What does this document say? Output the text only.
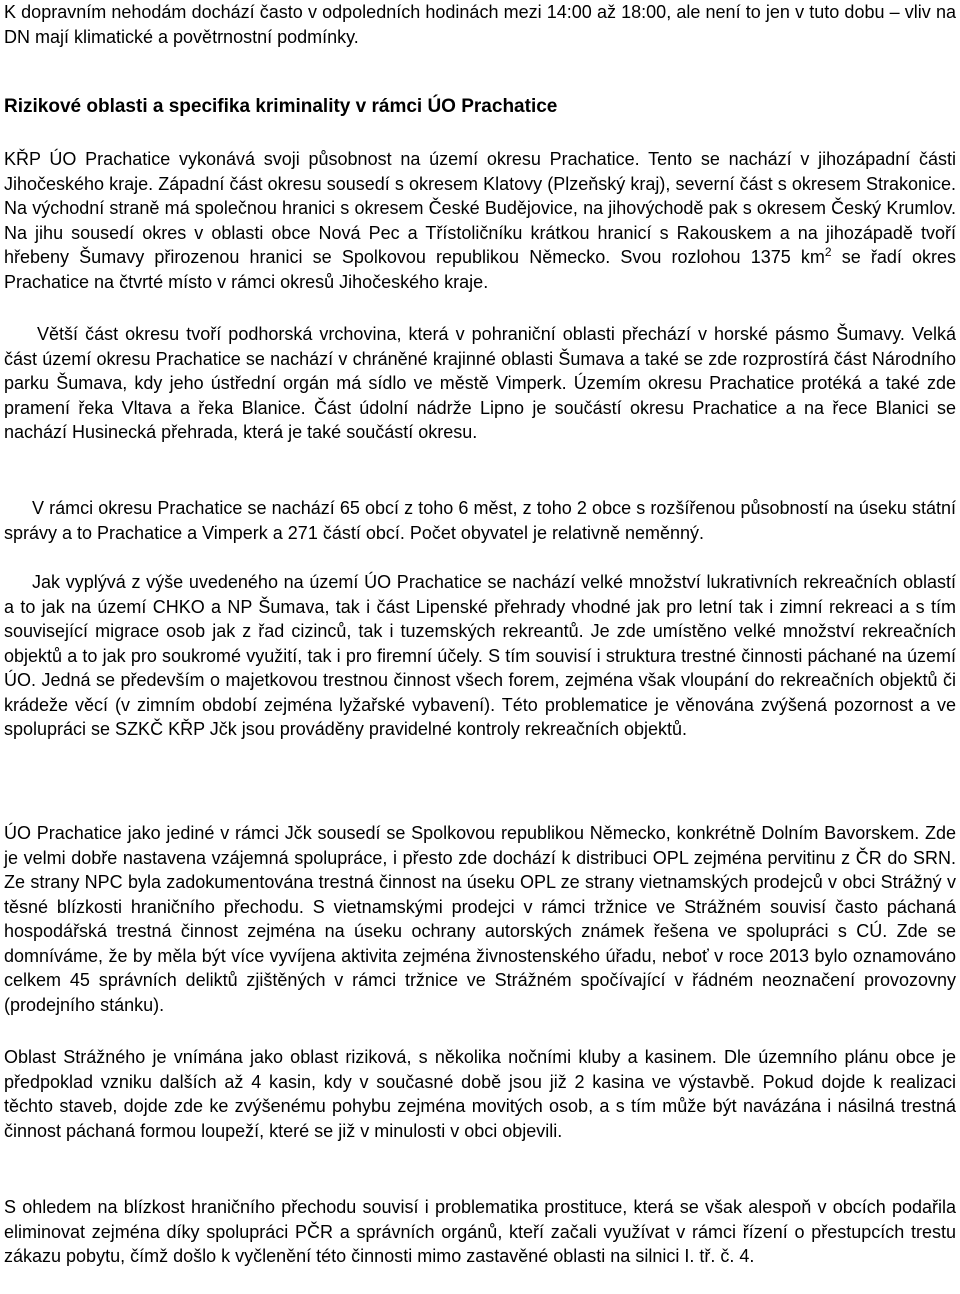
K dopravním nehodám dochází často v odpoledních hodinách mezi 14:00 až 18:00, ale není to jen v tuto dobu – vliv na DN mají klimatické a povětrnostní podmínky.

Rizikové oblasti a specifika kriminality v rámci ÚO Prachatice

KŘP ÚO Prachatice vykonává svoji působnost na území okresu Prachatice. Tento se nachází v jihozápadní části Jihočeského kraje. Západní část okresu sousedí s okresem Klatovy (Plzeňský kraj), severní část s okresem Strakonice. Na východní straně má společnou hranici s okresem České Budějovice, na jihovýchodě pak s okresem Český Krumlov. Na jihu sousedí okres v oblasti obce Nová Pec a Třístoličníku krátkou hranicí s Rakouskem a na jihozápadě tvoří hřebeny Šumavy přirozenou hranici se Spolkovou republikou Německo. Svou rozlohou 1375 $km^2$ se řadí okres Prachatice na čtvrté místo v rámci okresů Jihočeského kraje.

Větší část okresu tvoří podhorská vrchovina, která v pohraniční oblasti přechází v horské pásmo Šumavy. Velká část území okresu Prachatice se nachází v chráněné krajinné oblasti Šumava a také se zde rozprostírá část Národního parku Šumava, kdy jeho ústřední orgán má sídlo ve městě Vimperk. Územím okresu Prachatice protéká a také zde pramení řeka Vltava a řeka Blanice. Část údolní nádrže Lipno je součástí okresu Prachatice a na řece Blanici se nachází Husinecká přehrada, která je také součástí okresu.

V rámci okresu Prachatice se nachází 65 obcí z toho 6 měst, z toho 2 obce s rozšířenou působností na úseku státní správy a to Prachatice a Vimperk a 271 částí obcí. Počet obyvatel je relativně neměnný.

Jak vyplývá z výše uvedeného na území ÚO Prachatice se nachází velké množství lukrativních rekreačních oblastí a to jak na území CHKO a NP Šumava, tak i část Lipenské přehrady vhodné jak pro letní tak i zimní rekreaci a s tím související migrace osob jak z řad cizinců, tak i tuzemských rekreantů. Je zde umístěno velké množství rekreačních objektů a to jak pro soukromé využití, tak i pro firemní účely. S tím souvisí i struktura trestné činnosti páchané na území ÚO. Jedná se především o majetkovou trestnou činnost všech forem, zejména však vloupání do rekreačních objektů či krádeže věcí (v zimním období zejména lyžařské vybavení). Této problematice je věnována zvýšená pozornost a ve spolupráci se SZKČ KŘP Jčk jsou prováděny pravidelné kontroly rekreačních objektů.

ÚO Prachatice jako jediné v rámci Jčk sousedí se Spolkovou republikou Německo, konkrétně Dolním Bavorskem. Zde je velmi dobře nastavena vzájemná spolupráce, i přesto zde dochází k distribuci OPL zejména pervitinu z ČR do SRN. Ze strany NPC byla zadokumentována trestná činnost na úseku OPL ze strany vietnamských prodejců v obci Strážný v těsné blízkosti hraničního přechodu. S vietnamskými prodejci v rámci tržnice ve Strážném souvisí často páchaná hospodářská trestná činnost zejména na úseku ochrany autorských známek řešena ve spolupráci s CÚ. Zde se domníváme, že by měla být více vyvíjena aktivita zejména živnostenského úřadu, neboť v roce 2013 bylo oznamováno celkem 45 správních deliktů zjištěných v rámci tržnice ve Strážném spočívající v řádném neoznačení provozovny (prodejního stánku).

Oblast Strážného je vnímána jako oblast riziková, s několika nočními kluby a kasinem. Dle územního plánu obce je předpoklad vzniku dalších až 4 kasin, kdy v současné době jsou již 2 kasina ve výstavbě. Pokud dojde k realizaci těchto staveb, dojde zde ke zvýšenému pohybu zejména movitých osob, a s tím může být navázána i násilná trestná činnost páchaná formou loupeží, které se již v minulosti v obci objevili.

S ohledem na blízkost hraničního přechodu souvisí i problematika prostituce, která se však alespoň v obcích podařila eliminovat zejména díky spolupráci PČR a správních orgánů, kteří začali využívat v rámci řízení o přestupcích trestu zákazu pobytu, čímž došlo k vyčlenění této činnosti mimo zastavěné oblasti na silnici I. tř. č. 4.
